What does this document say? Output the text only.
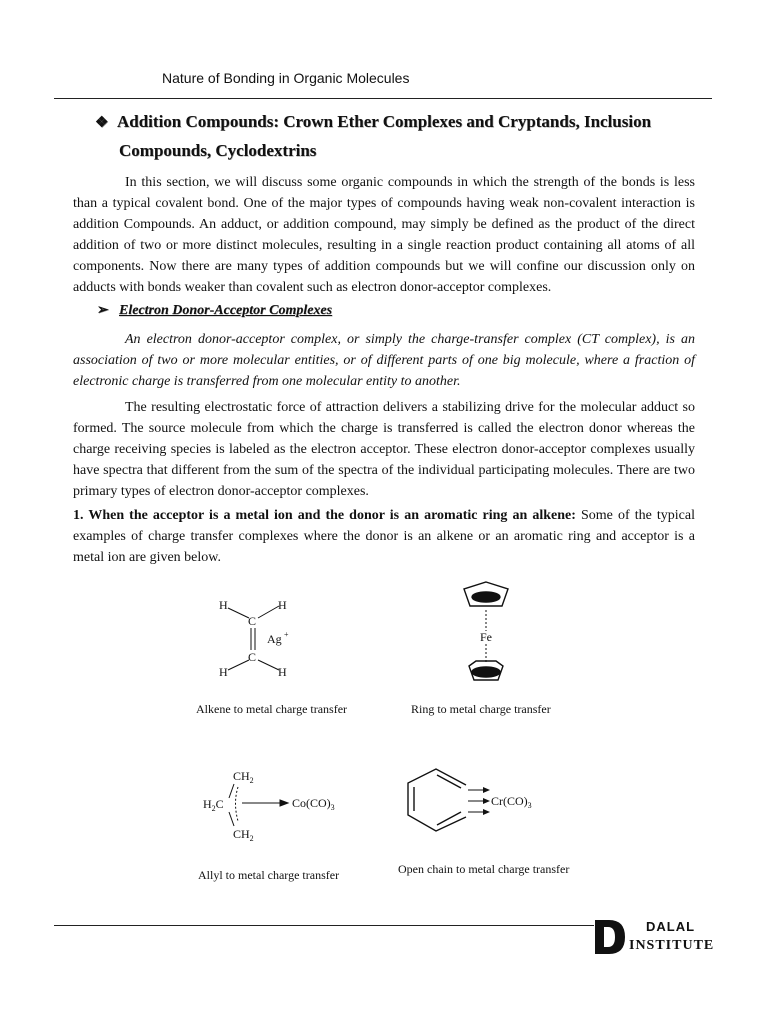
Nature of Bonding in Organic Molecules
❖ Addition Compounds: Crown Ether Complexes and Cryptands, Inclusion
Compounds, Cyclodextrins
In this section, we will discuss some organic compounds in which the strength of the bonds is less than a typical covalent bond. One of the major types of compounds having weak non-covalent interaction is addition Compounds. An adduct, or addition compound, may simply be defined as the product of the direct addition of two or more distinct molecules, resulting in a single reaction product containing all atoms of all components. Now there are many types of addition compounds but we will confine our discussion only on adducts with bonds weaker than covalent such as electron donor-acceptor complexes.
➢ Electron Donor-Acceptor Complexes
An electron donor-acceptor complex, or simply the charge-transfer complex (CT complex), is an association of two or more molecular entities, or of different parts of one big molecule, where a fraction of electronic charge is transferred from one molecular entity to another.
The resulting electrostatic force of attraction delivers a stabilizing drive for the molecular adduct so formed. The source molecule from which the charge is transferred is called the electron donor whereas the charge receiving species is labeled as the electron acceptor. These electron donor-acceptor complexes usually have spectra that different from the sum of the spectra of the individual participating molecules. There are two primary types of electron donor-acceptor complexes.
1. When the acceptor is a metal ion and the donor is an aromatic ring an alkene: Some of the typical examples of charge transfer complexes where the donor is an alkene or an aromatic ring and acceptor is a metal ion are given below.
H	H
C
Ag +
C
H	H
Alkene to metal charge transfer
Fe
Ring to metal charge transfer
$CH_2$
$H_2C$
$CH_2$
$Co(CO)_3$
Allyl to metal charge transfer
$Cr(CO)_3$
Open chain to metal charge transfer
DALAL
INSTITUTE
